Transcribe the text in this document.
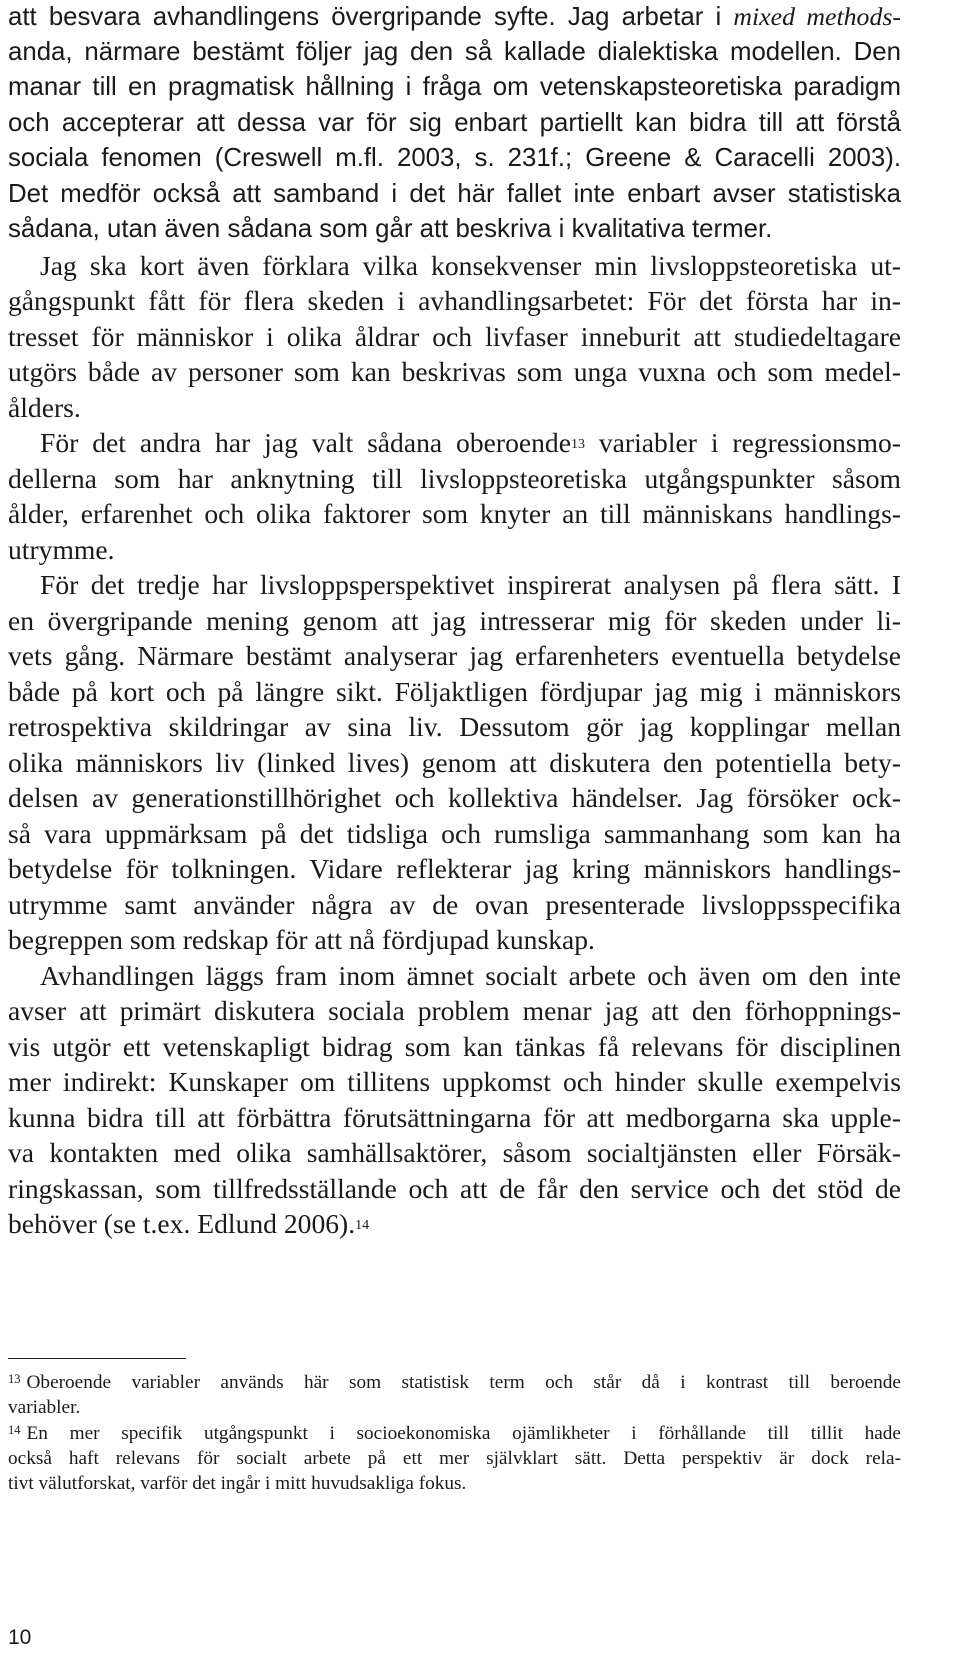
att besvara avhandlingens övergripande syfte. Jag arbetar i mixed methods-
anda, närmare bestämt följer jag den så kallade dialektiska modellen. Den
manar till en pragmatisk hållning i fråga om vetenskapsteoretiska paradigm
och accepterar att dessa var för sig enbart partiellt kan bidra till att förstå
sociala fenomen (Creswell m.fl. 2003, s. 231f.; Greene & Caracelli 2003).
Det medför också att samband i det här fallet inte enbart avser statistiska
sådana, utan även sådana som går att beskriva i kvalitativa termer.
Jag ska kort även förklara vilka konsekvenser min livsloppsteoretiska ut-
gångspunkt fått för flera skeden i avhandlingsarbetet: För det första har in-
tresset för människor i olika åldrar och livfaser inneburit att studiedeltagare
utgörs både av personer som kan beskrivas som unga vuxna och som medel-
ålders.
För det andra har jag valt sådana oberoende$^{13}$ variabler i regressionsmo-
dellerna som har anknytning till livsloppsteoretiska utgångspunkter såsom
ålder, erfarenhet och olika faktorer som knyter an till människans handlings-
utrymme.
För det tredje har livsloppsperspektivet inspirerat analysen på flera sätt. I
en övergripande mening genom att jag intresserar mig för skeden under li-
vets gång. Närmare bestämt analyserar jag erfarenheters eventuella betydelse
både på kort och på längre sikt. Följaktligen fördjupar jag mig i människors
retrospektiva skildringar av sina liv. Dessutom gör jag kopplingar mellan
olika människors liv (linked lives) genom att diskutera den potentiella bety-
delsen av generationstillhörighet och kollektiva händelser. Jag försöker ock-
så vara uppmärksam på det tidsliga och rumsliga sammanhang som kan ha
betydelse för tolkningen. Vidare reflekterar jag kring människors handlings-
utrymme samt använder några av de ovan presenterade livsloppsspecifika
begreppen som redskap för att nå fördjupad kunskap.
Avhandlingen läggs fram inom ämnet socialt arbete och även om den inte
avser att primärt diskutera sociala problem menar jag att den förhoppnings-
vis utgör ett vetenskapligt bidrag som kan tänkas få relevans för disciplinen
mer indirekt: Kunskaper om tillitens uppkomst och hinder skulle exempelvis
kunna bidra till att förbättra förutsättningarna för att medborgarna ska upple-
va kontakten med olika samhällsaktörer, såsom socialtjänsten eller Försäk-
ringskassan, som tillfredsställande och att de får den service och det stöd de
behöver (se t.ex. Edlund 2006).$^{14}$
$^{13}$ Oberoende variabler används här som statistisk term och står då i kontrast till beroende
variabler.
$^{14}$ En mer specifik utgångspunkt i socioekonomiska ojämlikheter i förhållande till tillit hade
också haft relevans för socialt arbete på ett mer självklart sätt. Detta perspektiv är dock rela-
tivt välutforskat, varför det ingår i mitt huvudsakliga fokus.
10
